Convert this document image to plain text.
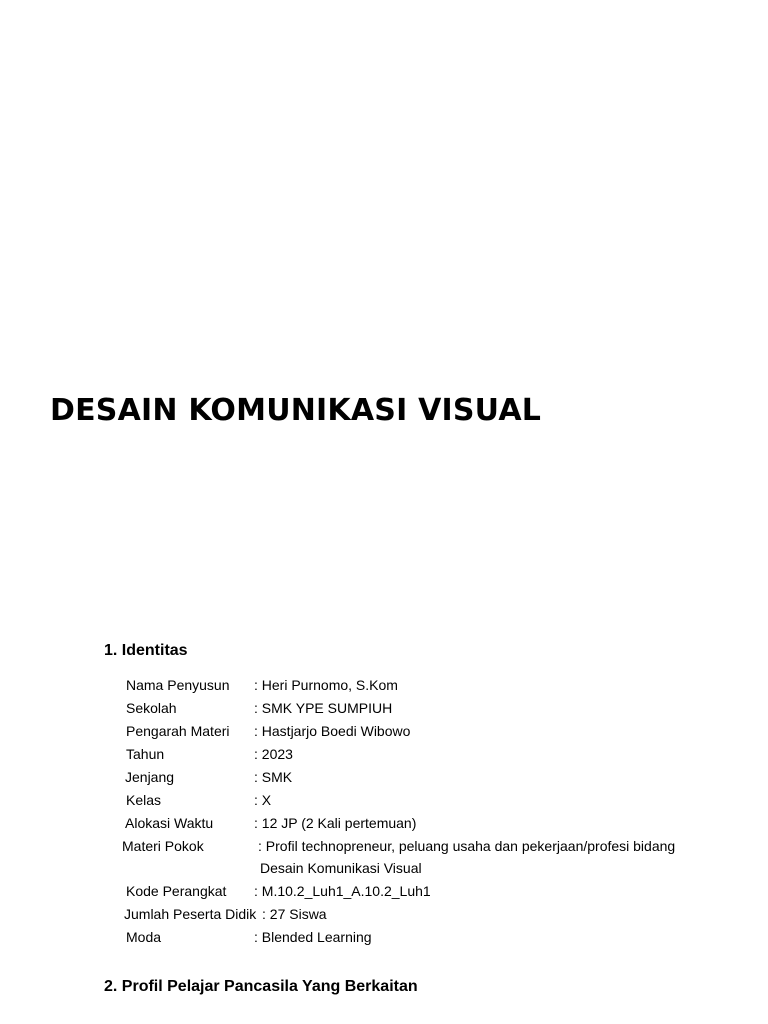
DESAIN KOMUNIKASI VISUAL
1. Identitas
Nama Penyusun : Heri Purnomo, S.Kom
Sekolah	: SMK YPE SUMPIUH
Pengarah Materi : Hastjarjo Boedi Wibowo
Tahun	: 2023
Jenjang	: SMK
Kelas	: X
Alokasi Waktu	: 12 JP (2 Kali pertemuan)
Materi Pokok	: Profil technopreneur, peluang usaha dan pekerjaan/profesi bidang
Desain Komunikasi Visual
Kode Perangkat : M.10.2_Luh1_A.10.2_Luh1
Jumlah Peserta Didik : 27 Siswa
Moda	: Blended Learning
2. Profil Pelajar Pancasila Yang Berkaitan
